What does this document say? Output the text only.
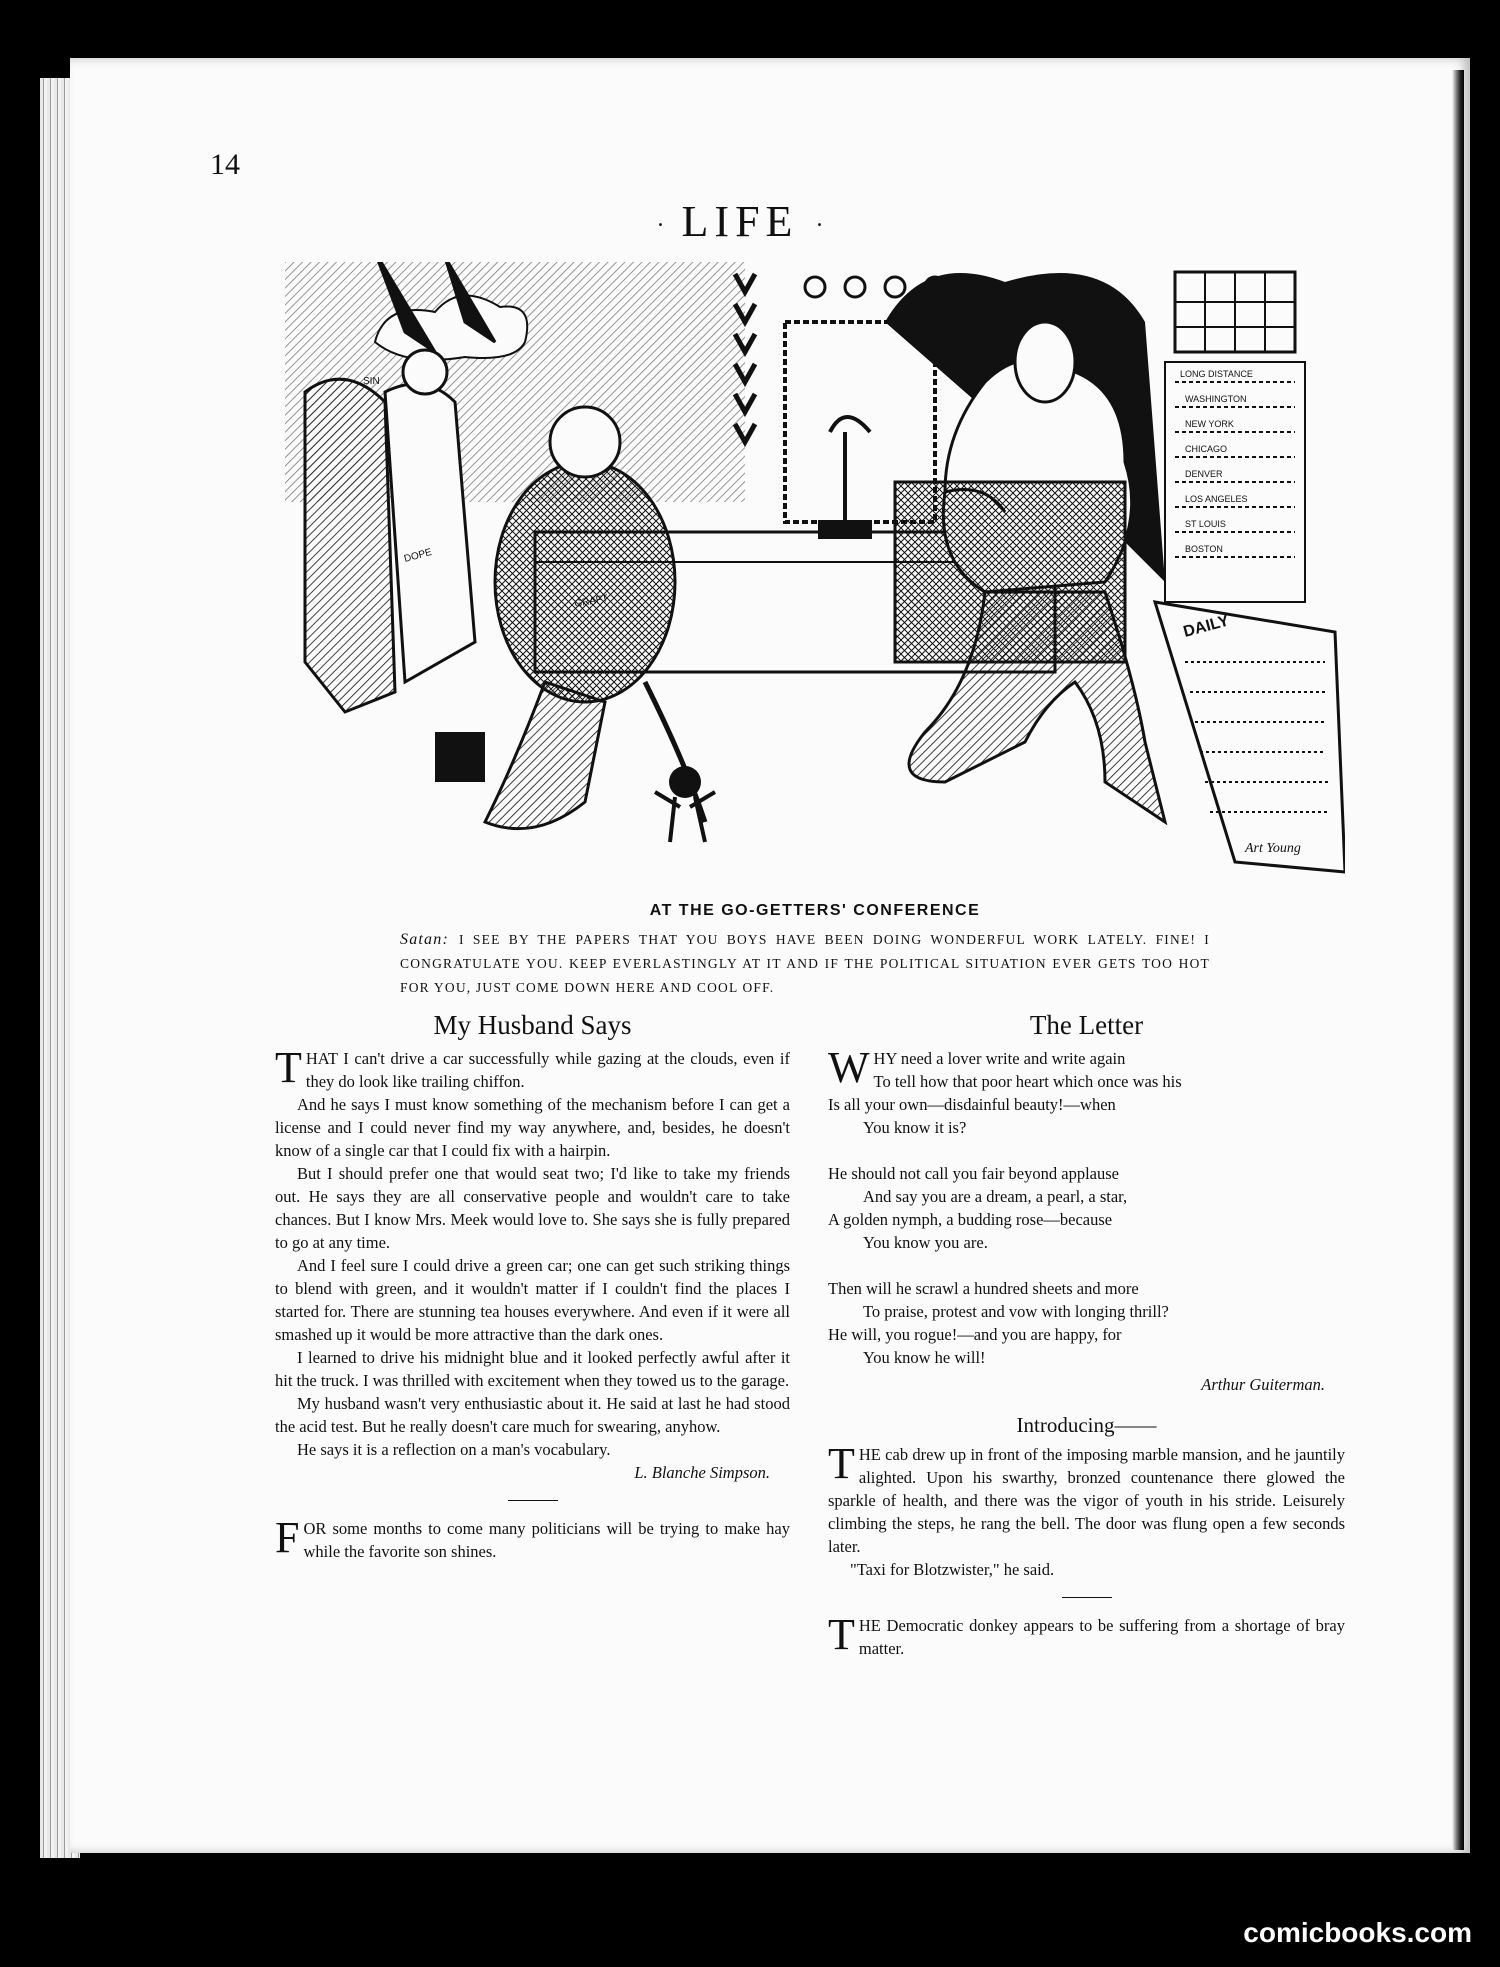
14
· LIFE ·
SIN
DOPE
GRAFT
DAILY
LONG DISTANCE
WASHINGTON
NEW YORK
CHICAGO
DENVER
LOS ANGELES
ST LOUIS
BOSTON
Art Young
AT THE GO-GETTERS' CONFERENCE
Satan: I SEE BY THE PAPERS THAT YOU BOYS HAVE BEEN DOING WONDERFUL WORK LATELY. FINE! I CONGRATULATE YOU. KEEP EVERLASTINGLY AT IT AND IF THE POLITICAL SITUATION EVER GETS TOO HOT FOR YOU, JUST COME DOWN HERE AND COOL OFF.
My Husband Says

THAT I can't drive a car successfully while gazing at the clouds, even if they do look like trailing chiffon.

And he says I must know something of the mechanism before I can get a license and I could never find my way anywhere, and, besides, he doesn't know of a single car that I could fix with a hairpin.

But I should prefer one that would seat two; I'd like to take my friends out. He says they are all conservative people and wouldn't care to take chances. But I know Mrs. Meek would love to. She says she is fully prepared to go at any time.

And I feel sure I could drive a green car; one can get such striking things to blend with green, and it wouldn't matter if I couldn't find the places I started for. There are stunning tea houses everywhere. And even if it were all smashed up it would be more attractive than the dark ones.

I learned to drive his midnight blue and it looked perfectly awful after it hit the truck. I was thrilled with excitement when they towed us to the garage.

My husband wasn't very enthusiastic about it. He said at last he had stood the acid test. But he really doesn't care much for swearing, anyhow.

He says it is a reflection on a man's vocabulary.

L. Blanche Simpson.

FOR some months to come many politicians will be trying to make hay while the favorite son shines.

The Letter

WHY need a lover write and write again

To tell how that poor heart which once was his

Is all your own—disdainful beauty!—when

You know it is?

He should not call you fair beyond applause

And say you are a dream, a pearl, a star,

A golden nymph, a budding rose—because

You know you are.

Then will he scrawl a hundred sheets and more

To praise, protest and vow with longing thrill?

He will, you rogue!—and you are happy, for

You know he will!

Arthur Guiterman.

Introducing——

THE cab drew up in front of the imposing marble mansion, and he jauntily alighted. Upon his swarthy, bronzed countenance there glowed the sparkle of health, and there was the vigor of youth in his stride. Leisurely climbing the steps, he rang the bell. The door was flung open a few seconds later.

"Taxi for Blotzwister," he said.

THE Democratic donkey appears to be suffering from a shortage of bray matter.

comicbooks.com
